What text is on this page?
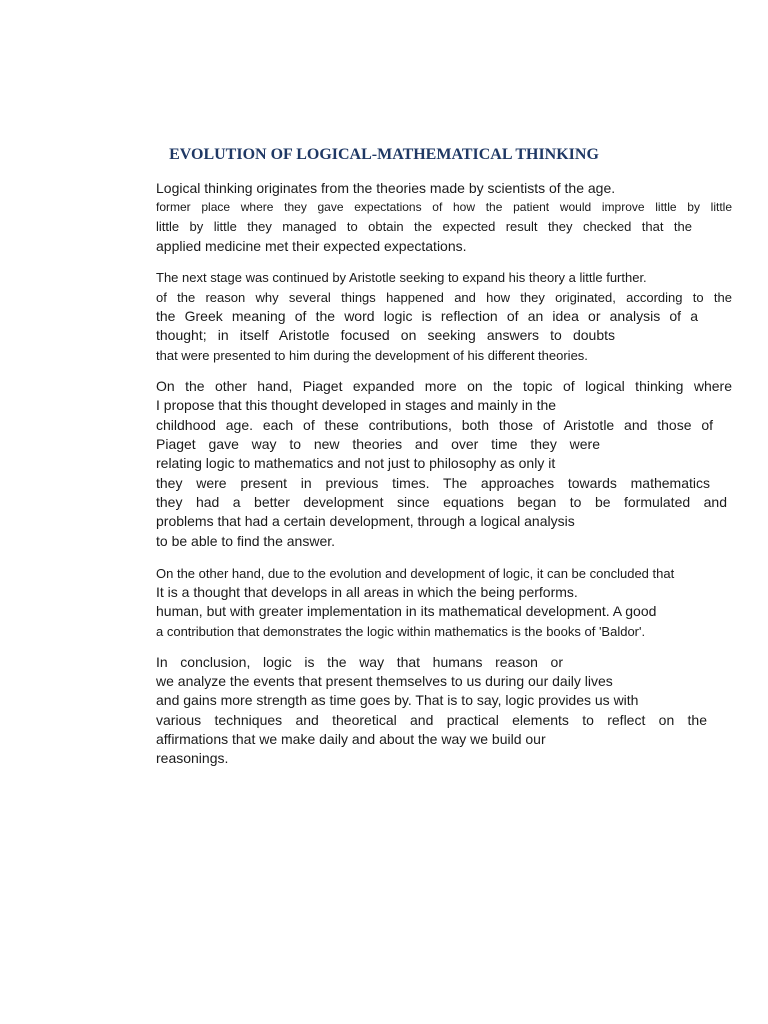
EVOLUTION OF LOGICAL-MATHEMATICAL THINKING

Logical thinking originates from the theories made by scientists of the age.

former place where they gave expectations of how the patient would improve little by little

little by little they managed to obtain the expected result they checked that the

applied medicine met their expected expectations.

The next stage was continued by Aristotle seeking to expand his theory a little further.

of the reason why several things happened and how they originated, according to the

the Greek meaning of the word logic is reflection of an idea or analysis of a

thought; in itself Aristotle focused on seeking answers to doubts

that were presented to him during the development of his different theories.

On the other hand, Piaget expanded more on the topic of logical thinking where

I propose that this thought developed in stages and mainly in the

childhood age. each of these contributions, both those of Aristotle and those of

Piaget gave way to new theories and over time they were

relating logic to mathematics and not just to philosophy as only it

they were present in previous times. The approaches towards mathematics

they had a better development since equations began to be formulated and

problems that had a certain development, through a logical analysis

to be able to find the answer.

On the other hand, due to the evolution and development of logic, it can be concluded that

It is a thought that develops in all areas in which the being performs.

human, but with greater implementation in its mathematical development. A good

a contribution that demonstrates the logic within mathematics is the books of 'Baldor'.

In conclusion, logic is the way that humans reason or

we analyze the events that present themselves to us during our daily lives

and gains more strength as time goes by. That is to say, logic provides us with

various techniques and theoretical and practical elements to reflect on the

affirmations that we make daily and about the way we build our

reasonings.
